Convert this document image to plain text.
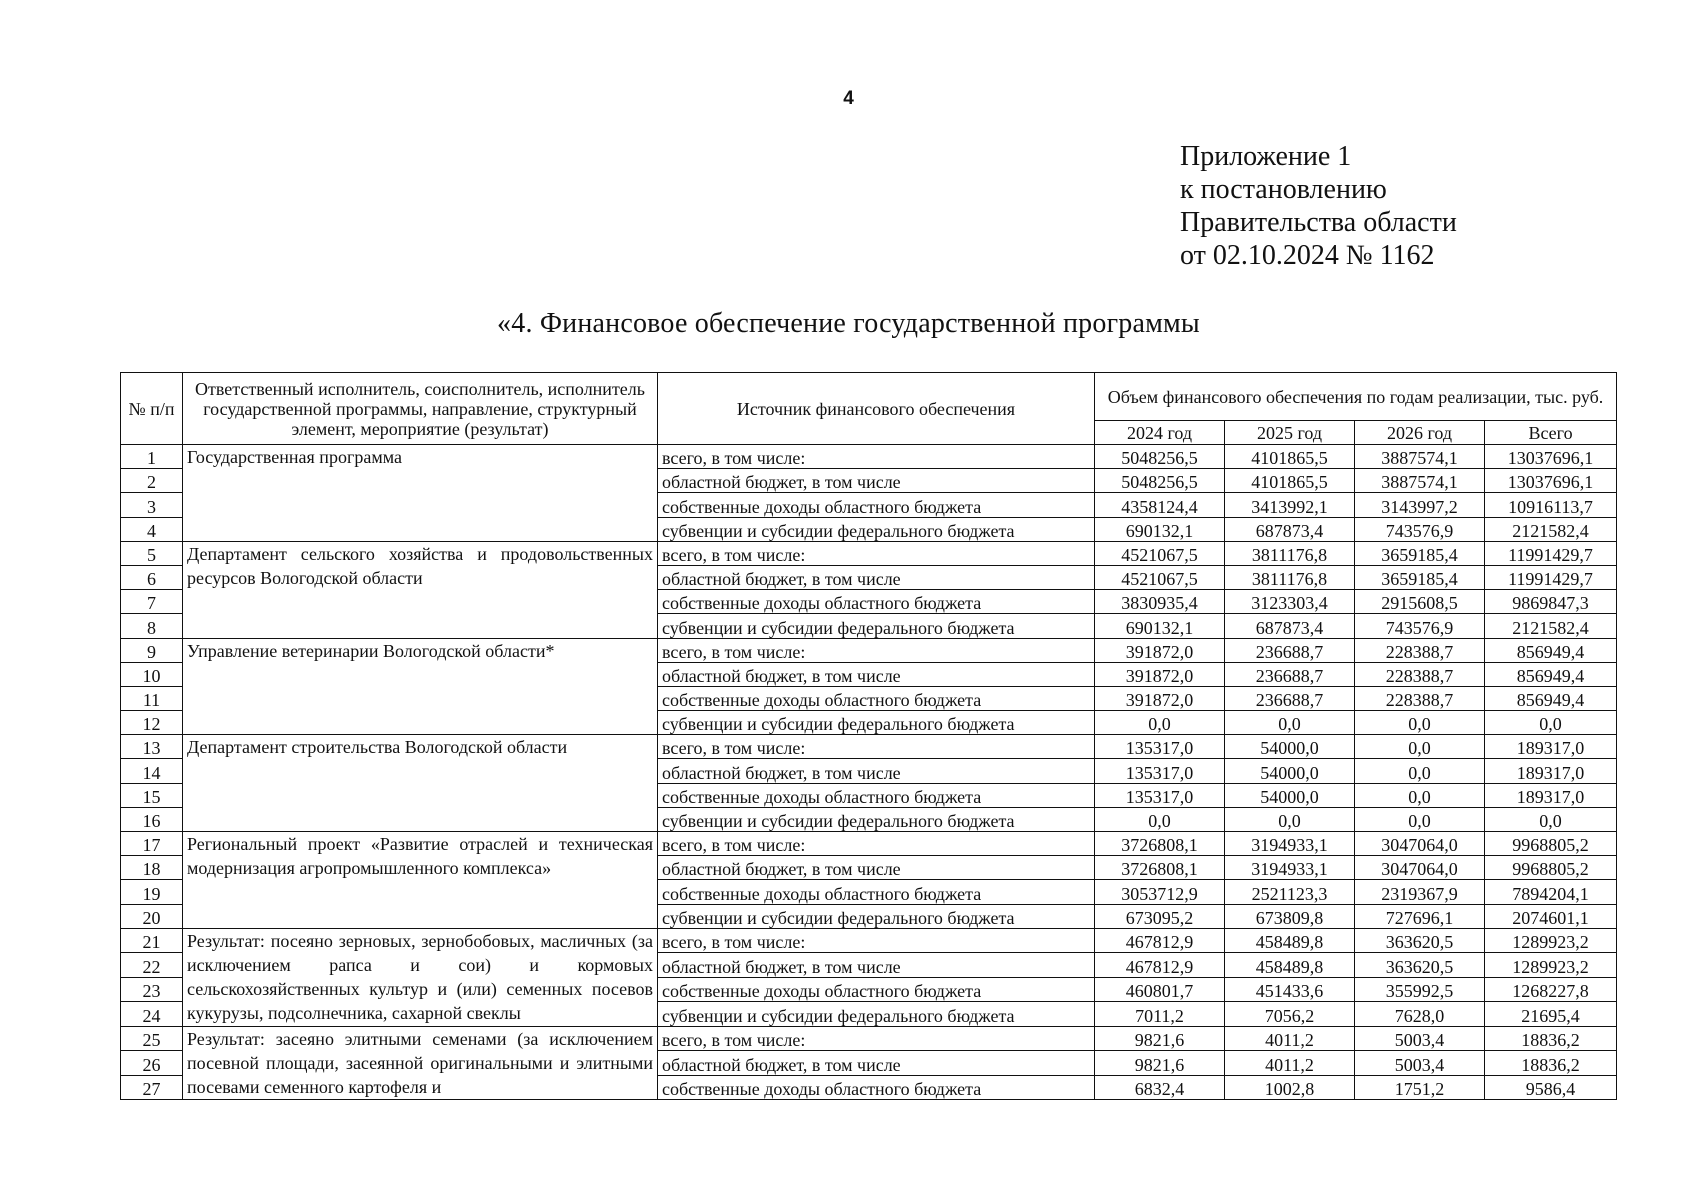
4
Приложение 1
к постановлению
Правительства области
от 02.10.2024 № 1162
«4. Финансовое обеспечение государственной программы
№ п/п	Ответственный исполнитель, соисполнитель, исполнитель государственной программы, направление, структурный элемент, мероприятие (результат)	Источник финансового обеспечения	Объем финансового обеспечения по годам реализации, тыс. руб.			
			2024 год	2025 год	2026 год	Всего
1	Государственная программа	всего, в том числе:	5048256,5	4101865,5	3887574,1	13037696,1
2		областной бюджет, в том числе	5048256,5	4101865,5	3887574,1	13037696,1
3		собственные доходы областного бюджета	4358124,4	3413992,1	3143997,2	10916113,7
4		субвенции и субсидии федерального бюджета	690132,1	687873,4	743576,9	2121582,4
5	Департамент сельского хозяйства и продовольственных ресурсов Вологодской области	всего, в том числе:	4521067,5	3811176,8	3659185,4	11991429,7
6		областной бюджет, в том числе	4521067,5	3811176,8	3659185,4	11991429,7
7		собственные доходы областного бюджета	3830935,4	3123303,4	2915608,5	9869847,3
8		субвенции и субсидии федерального бюджета	690132,1	687873,4	743576,9	2121582,4
9	Управление ветеринарии Вологодской области*	всего, в том числе:	391872,0	236688,7	228388,7	856949,4
10		областной бюджет, в том числе	391872,0	236688,7	228388,7	856949,4
11		собственные доходы областного бюджета	391872,0	236688,7	228388,7	856949,4
12		субвенции и субсидии федерального бюджета	0,0	0,0	0,0	0,0
13	Департамент строительства Вологодской области	всего, в том числе:	135317,0	54000,0	0,0	189317,0
14		областной бюджет, в том числе	135317,0	54000,0	0,0	189317,0
15		собственные доходы областного бюджета	135317,0	54000,0	0,0	189317,0
16		субвенции и субсидии федерального бюджета	0,0	0,0	0,0	0,0
17	Региональный проект «Развитие отраслей и техническая модернизация агропромышленного комплекса»	всего, в том числе:	3726808,1	3194933,1	3047064,0	9968805,2
18		областной бюджет, в том числе	3726808,1	3194933,1	3047064,0	9968805,2
19		собственные доходы областного бюджета	3053712,9	2521123,3	2319367,9	7894204,1
20		субвенции и субсидии федерального бюджета	673095,2	673809,8	727696,1	2074601,1
21	Результат: посеяно зерновых, зернобобовых, масличных (за исключением рапса и сои) и кормовых сельскохозяйственных культур и (или) семенных посевов кукурузы, подсолнечника, сахарной свеклы	всего, в том числе:	467812,9	458489,8	363620,5	1289923,2
22		областной бюджет, в том числе	467812,9	458489,8	363620,5	1289923,2
23		собственные доходы областного бюджета	460801,7	451433,6	355992,5	1268227,8
24		субвенции и субсидии федерального бюджета	7011,2	7056,2	7628,0	21695,4
25	Результат: засеяно элитными семенами (за исключением посевной площади, засеянной оригинальными и элитными посевами семенного картофеля и	всего, в том числе:	9821,6	4011,2	5003,4	18836,2
26		областной бюджет, в том числе	9821,6	4011,2	5003,4	18836,2
27		собственные доходы областного бюджета	6832,4	1002,8	1751,2	9586,4
